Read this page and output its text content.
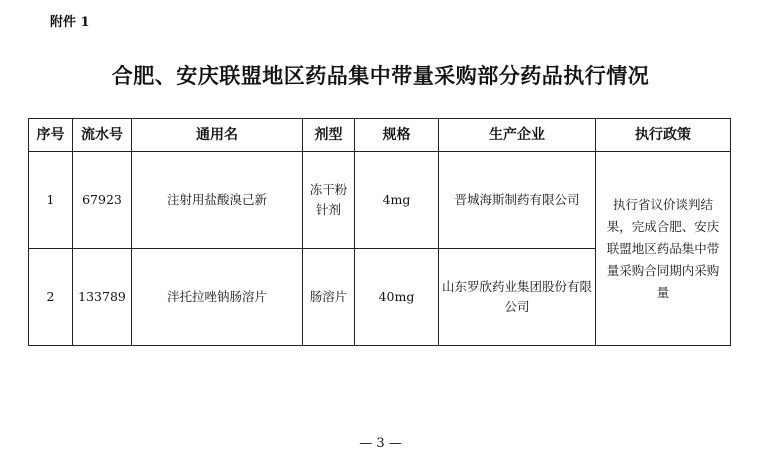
附件 1
合肥、安庆联盟地区药品集中带量采购部分药品执行情况
序号	流水号	通用名	剂型	规格	生产企业	执行政策
1	67923	注射用盐酸溴己新	冻干粉针剂	4mg	晋城海斯制药有限公司	执行省议价谈判结果，完成合肥、安庆联盟地区药品集中带量采购合同期内采购量
2	133789	泮托拉唑钠肠溶片	肠溶片	40mg	山东罗欣药业集团股份有限公司	
— 3 —
